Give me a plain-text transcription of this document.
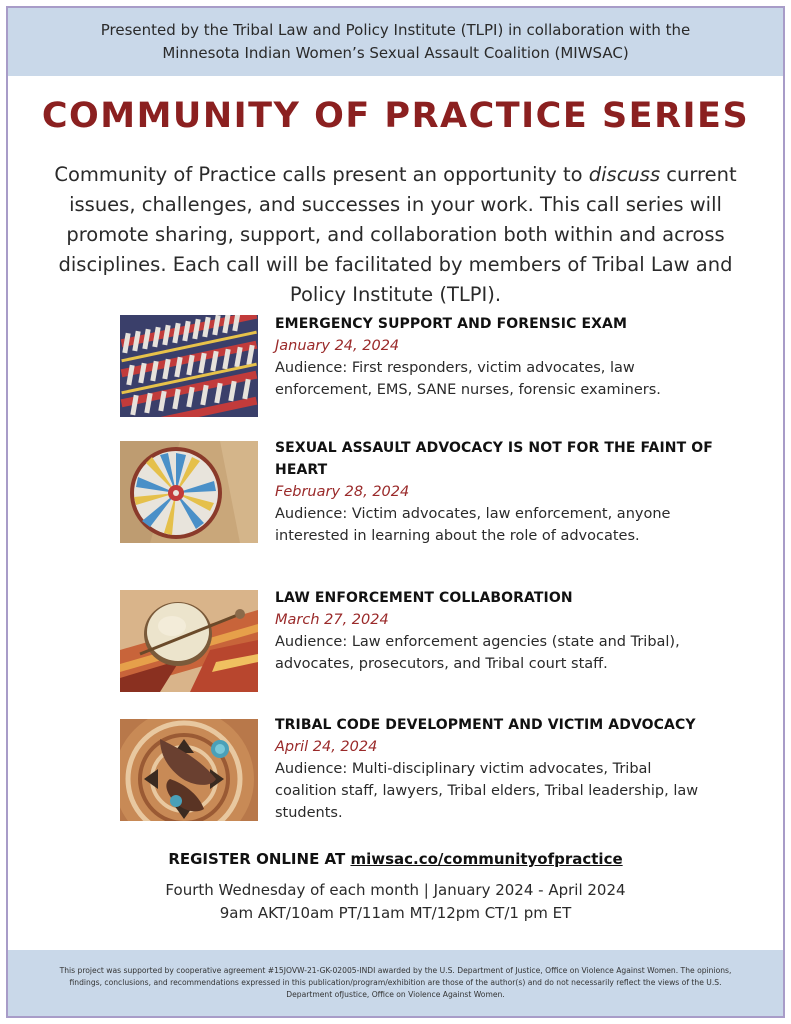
Presented by the Tribal Law and Policy Institute (TLPI) in collaboration with the
Minnesota Indian Women’s Sexual Assault Coalition (MIWSAC)
COMMUNITY OF PRACTICE SERIES
Community of Practice calls present an opportunity to discuss current issues, challenges, and successes in your work. This call series will promote sharing, support, and collaboration both within and across disciplines. Each call will be facilitated by members of Tribal Law and Policy Institute (TLPI).
EMERGENCY SUPPORT AND FORENSIC EXAM
January 24, 2024
Audience: First responders, victim advocates, law enforcement, EMS, SANE nurses, forensic examiners.
SEXUAL ASSAULT ADVOCACY IS NOT FOR THE FAINT OF HEART
February 28, 2024
Audience: Victim advocates, law enforcement, anyone interested in learning about the role of advocates.
LAW ENFORCEMENT COLLABORATION
March 27, 2024
Audience: Law enforcement agencies (state and Tribal), advocates, prosecutors, and Tribal court staff.
TRIBAL CODE DEVELOPMENT AND VICTIM ADVOCACY
April 24, 2024
Audience: Multi-disciplinary victim advocates, Tribal coalition staff, lawyers, Tribal elders, Tribal leadership, law students.
REGISTER ONLINE AT miwsac.co/communityofpractice
Fourth Wednesday of each month | January 2024 - April 2024
9am AKT/10am PT/11am MT/12pm CT/1 pm ET
This project was supported by cooperative agreement #15JOVW-21-GK-02005-INDI awarded by the U.S. Department of Justice, Office on Violence Against Women. The opinions, findings, conclusions, and recommendations expressed in this publication/program/exhibition are those of the author(s) and do not necessarily reflect the views of the U.S. Department ofJustice, Office on Violence Against Women.
